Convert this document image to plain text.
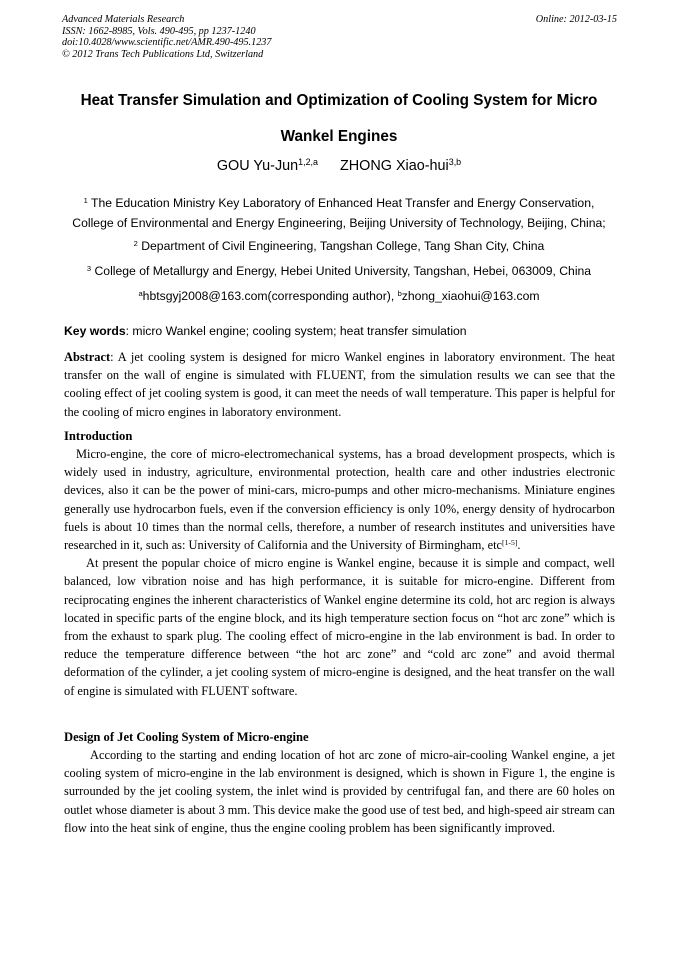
Advanced Materials Research
ISSN: 1662-8985, Vols. 490-495, pp 1237-1240
doi:10.4028/www.scientific.net/AMR.490-495.1237
© 2012 Trans Tech Publications Ltd, Switzerland
Online: 2012-03-15
Heat Transfer Simulation and Optimization of Cooling System for Micro
Wankel Engines
GOU Yu-Jun$^{1,2,a}$ ZHONG Xiao-hui$^{3,b}$
$^1$ The Education Ministry Key Laboratory of Enhanced Heat Transfer and Energy Conservation,
College of Environmental and Energy Engineering, Beijing University of Technology, Beijing, China;
$^2$ Department of Civil Engineering, Tangshan College, Tang Shan City, China
$^3$ College of Metallurgy and Energy, Hebei United University, Tangshan, Hebei, 063009, China
$^a$hbtsgyj2008@163.com(corresponding author), $^b$zhong_xiaohui@163.com
Key words: micro Wankel engine; cooling system; heat transfer simulation

Abstract: A jet cooling system is designed for micro Wankel engines in laboratory environment. The heat transfer on the wall of engine is simulated with FLUENT, from the simulation results we can see that the cooling effect of jet cooling system is good, it can meet the needs of wall temperature. This paper is helpful for the cooling of micro engines in laboratory environment.

Introduction

Micro-engine, the core of micro-electromechanical systems, has a broad development prospects, which is widely used in industry, agriculture, environmental protection, health care and other industries electronic devices, also it can be the power of mini-cars, micro-pumps and other micro-mechanisms. Miniature engines generally use hydrocarbon fuels, even if the conversion efficiency is only 10%, energy density of hydrocarbon fuels is about 10 times than the normal cells, therefore, a number of research institutes and universities have researched in it, such as: University of California and the University of Birmingham, etc[1-5].

At present the popular choice of micro engine is Wankel engine, because it is simple and compact, well balanced, low vibration noise and has high performance, it is suitable for micro-engine. Different from reciprocating engines the inherent characteristics of Wankel engine determine its cold, hot arc region is always located in specific parts of the engine block, and its high temperature section focus on “hot arc zone” which is from the exhaust to spark plug. The cooling effect of micro-engine in the lab environment is bad. In order to reduce the temperature difference between “the hot arc zone” and “cold arc zone” and avoid thermal deformation of the cylinder, a jet cooling system of micro-engine is designed, and the heat transfer on the wall of engine is simulated with FLUENT software.

Design of Jet Cooling System of Micro-engine

According to the starting and ending location of hot arc zone of micro-air-cooling Wankel engine, a jet cooling system of micro-engine in the lab environment is designed, which is shown in Figure 1, the engine is surrounded by the jet cooling system, the inlet wind is provided by centrifugal fan, and there are 60 holes on outlet whose diameter is about 3 mm. This device make the good use of test bed, and high-speed air stream can flow into the heat sink of engine, thus the engine cooling problem has been significantly improved.
